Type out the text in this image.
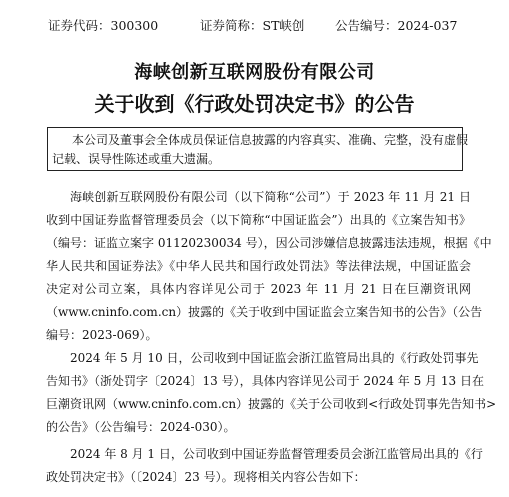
证券代码：300300	证券简称：ST峡创 公告编号：2024-037
海峡创新互联网股份有限公司
关于收到《行政处罚决定书》的公告
本公司及董事会全体成员保证信息披露的内容真实、准确、完整，没有虚假
记载、误导性陈述或重大遗漏。
海峡创新互联网股份有限公司（以下简称“公司”）于 2023 年 11 月 21 日
收到中国证券监督管理委员会（以下简称“中国证监会”）出具的《立案告知书》
（编号：证监立案字 01120230034 号），因公司涉嫌信息披露违法违规，根据《中
华人民共和国证券法》《中华人民共和国行政处罚法》等法律法规，中国证监会
决定对公司立案，具体内容详见公司于 2023 年 11 月 21 日在巨潮资讯网
（www.cninfo.com.cn）披露的《关于收到中国证监会立案告知书的公告》（公告
编号：2023-069）。
2024 年 5 月 10 日，公司收到中国证监会浙江监管局出具的《行政处罚事先
告知书》（浙处罚字〔2024〕13 号），具体内容详见公司于 2024 年 5 月 13 日在
巨潮资讯网（www.cninfo.com.cn）披露的《关于公司收到<行政处罚事先告知书>
的公告》（公告编号：2024-030）。
2024 年 8 月 1 日，公司收到中国证券监督管理委员会浙江监管局出具的《行
政处罚决定书》（〔2024〕23 号）。现将相关内容公告如下：
